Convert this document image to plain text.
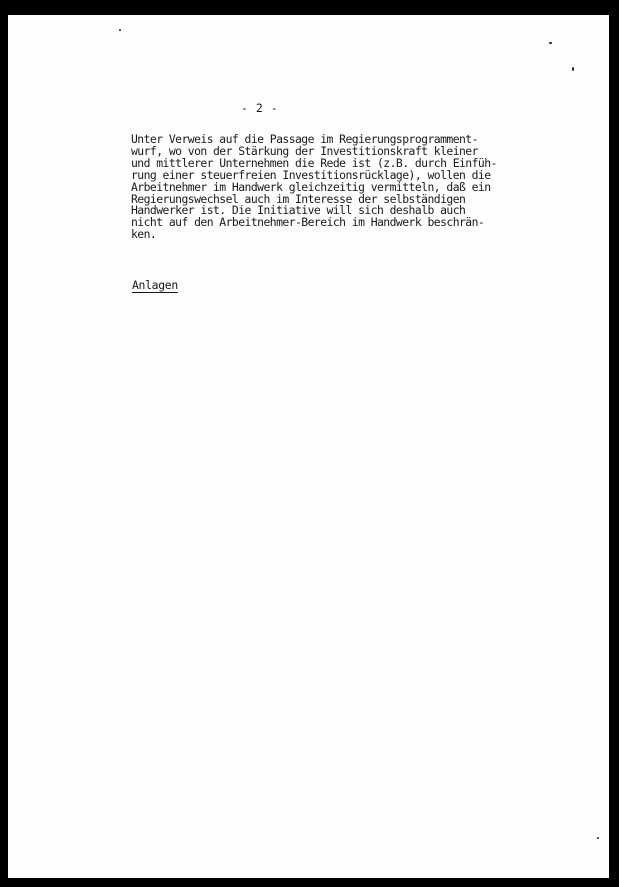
- 2 -

Unter Verweis auf die Passage im Regierungsprogramment-
wurf, wo von der Stärkung der Investitionskraft kleiner
und mittlerer Unternehmen die Rede ist (z.B. durch Einfüh-
rung einer steuerfreien Investitionsrücklage), wollen die
Arbeitnehmer im Handwerk gleichzeitig vermitteln, daß ein
Regierungswechsel auch im Interesse der selbständigen
Handwerker ist. Die Initiative will sich deshalb auch
nicht auf den Arbeitnehmer-Bereich im Handwerk beschrän-
ken.

Anlagen
